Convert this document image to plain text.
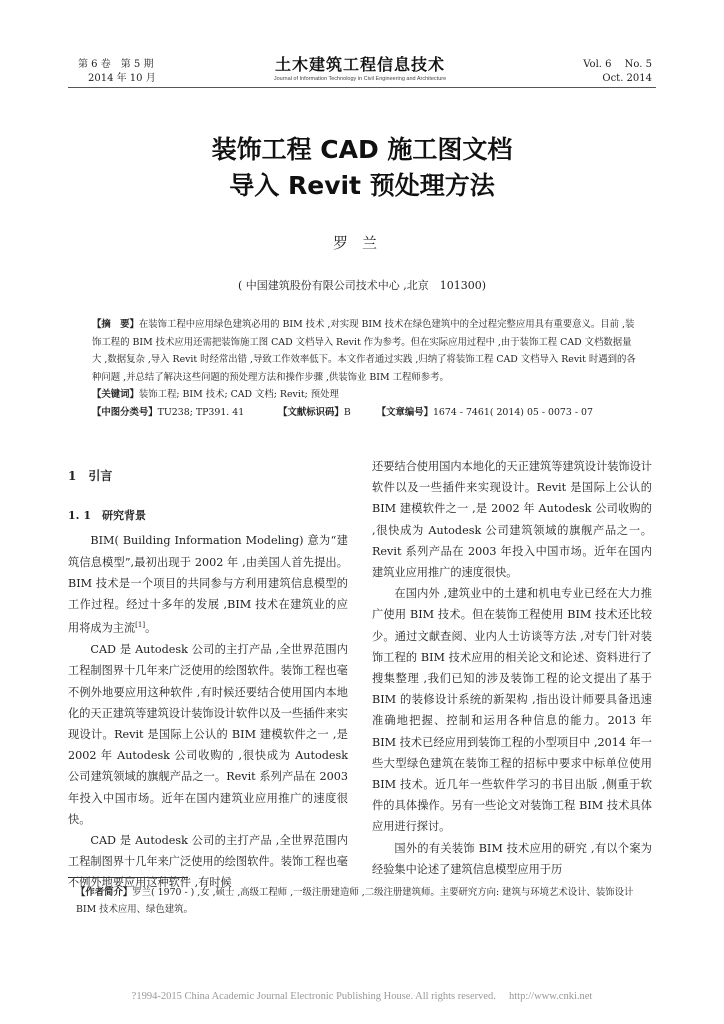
第 6 卷　第 5 期
2014 年 10 月
土木建筑工程信息技术
Journal of Information Technology in Civil Engineering and Architecture
Vol. 6　 No. 5
Oct. 2014
装饰工程 CAD 施工图文档
导入 Revit 预处理方法
罗兰
( 中国建筑股份有限公司技术中心 ,北京　101300)
【摘　要】在装饰工程中应用绿色建筑必用的 BIM 技术 ,对实现 BIM 技术在绿色建筑中的全过程完整应用具有重要意义。目前 ,装饰工程的 BIM 技术应用还需把装饰施工图 CAD 文档导入 Revit 作为参考。但在实际应用过程中 ,由于装饰工程 CAD 文档数据量大 ,数据复杂 ,导入 Revit 时经常出错 ,导致工作效率低下。本文作者通过实践 ,归纳了将装饰工程 CAD 文档导入 Revit 时遇到的各种问题 ,并总结了解决这些问题的预处理方法和操作步骤 ,供装饰业 BIM 工程师参考。
【关键词】装饰工程; BIM 技术; CAD 文档; Revit; 预处理
【中图分类号】 TU238; TP391. 41	【文献标识码】 B	【文章编号】 1674 - 7461( 2014) 05 - 0073 - 07
1　引言
1. 1　研究背景

BIM( Building Information Modeling) 意为“建筑信息模型”,最初出现于 2002 年 ,由美国人首先提出。BIM 技术是一个项目的共同参与方利用建筑信息模型的工作过程。经过十多年的发展 ,BIM 技术在建筑业的应用将成为主流[1]。

CAD 是 Autodesk 公司的主打产品 ,全世界范围内工程制图界十几年来广泛使用的绘图软件。装饰工程也毫不例外地要应用这种软件 ,有时候还要结合使用国内本地化的天正建筑等建筑设计装饰设计软件以及一些插件来实现设计。Revit 是国际上公认的 BIM 建模软件之一 ,是 2002 年 Autodesk 公司收购的 ,很快成为 Autodesk 公司建筑领域的旗舰产品之一。Revit 系列产品在 2003 年投入中国市场。近年在国内建筑业应用推广的速度很快。

CAD 是 Autodesk 公司的主打产品 ,全世界范围内工程制图界十几年来广泛使用的绘图软件。装饰工程也毫不例外地要应用这种软件 ,有时候

还要结合使用国内本地化的天正建筑等建筑设计装饰设计软件以及一些插件来实现设计。Revit 是国际上公认的 BIM 建模软件之一 ,是 2002 年 Autodesk 公司收购的 ,很快成为 Autodesk 公司建筑领域的旗舰产品之一。Revit 系列产品在 2003 年投入中国市场。近年在国内建筑业应用推广的速度很快。

在国内外 ,建筑业中的土建和机电专业已经在大力推广使用 BIM 技术。但在装饰工程使用 BIM 技术还比较少。通过文献查阅、业内人士访谈等方法 ,对专门针对装饰工程的 BIM 技术应用的相关论文和论述、资料进行了搜集整理 ,我们已知的涉及装饰工程的论文提出了基于 BIM 的装修设计系统的新架构 ,指出设计师要具备迅速准确地把握、控制和运用各种信息的能力。2013 年 BIM 技术已经应用到装饰工程的小型项目中 ,2014 年一些大型绿色建筑在装饰工程的招标中要求中标单位使用 BIM 技术。近几年一些软件学习的书目出版 ,侧重于软件的具体操作。另有一些论文对装饰工程 BIM 技术具体应用进行探讨。

国外的有关装饰 BIM 技术应用的研究 ,有以个案为经验集中论述了建筑信息模型应用于历

【作者简介】罗兰( 1970 - ) ,女 ,硕士 ,高级工程师 ,一级注册建造师 ,二级注册建筑师。主要研究方向: 建筑与环境艺术设计、装饰设计 BIM 技术应用、绿色建筑。
?1994-2015 China Academic Journal Electronic Publishing House. All rights reserved.　 http://www.cnki.net
